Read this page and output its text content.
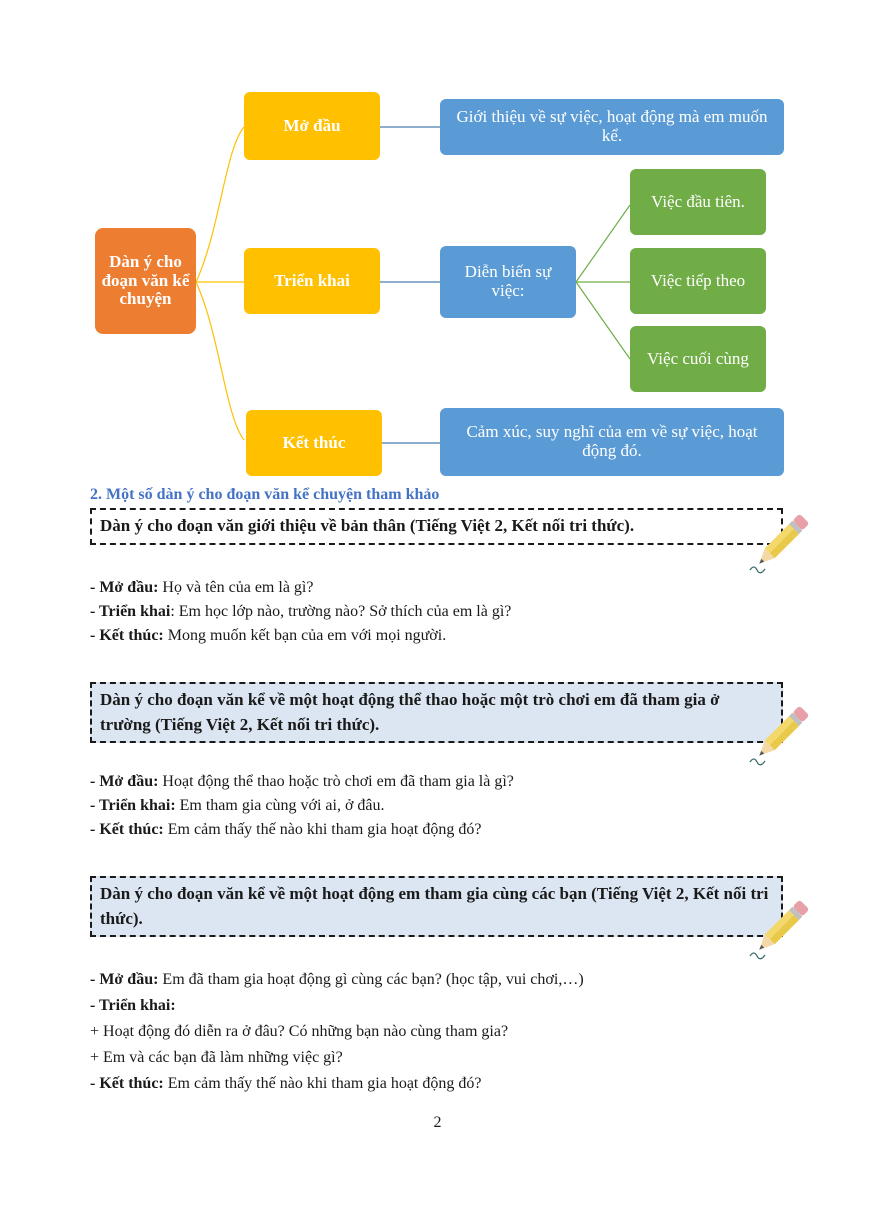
Dàn ý cho đoạn văn kể chuyện
Mở đầu
Triển khai
Kết thúc
Giới thiệu về sự việc, hoạt động mà em muốn kể.
Diễn biến sự việc:
Cảm xúc, suy nghĩ của em về sự việc, hoạt động đó.
Việc đầu tiên.
Việc tiếp theo
Việc cuối cùng
2. Một số dàn ý cho đoạn văn kể chuyện tham khảo
Dàn ý cho đoạn văn giới thiệu về bản thân (Tiếng Việt 2, Kết nối tri thức).
- Mở đầu: Họ và tên của em là gì?
- Triển khai: Em học lớp nào, trường nào? Sở thích của em là gì?
- Kết thúc: Mong muốn kết bạn của em với mọi người.
Dàn ý cho đoạn văn kể về một hoạt động thể thao hoặc một trò chơi em đã tham gia ở trường (Tiếng Việt 2, Kết nối tri thức).
- Mở đầu: Hoạt động thể thao hoặc trò chơi em đã tham gia là gì?
- Triển khai: Em tham gia cùng với ai, ở đâu.
- Kết thúc: Em cảm thấy thế nào khi tham gia hoạt động đó?
Dàn ý cho đoạn văn kể về một hoạt động em tham gia cùng các bạn (Tiếng Việt 2, Kết nối tri thức).
- Mở đầu: Em đã tham gia hoạt động gì cùng các bạn? (học tập, vui chơi,…)
- Triển khai:
+ Hoạt động đó diễn ra ở đâu? Có những bạn nào cùng tham gia?
+ Em và các bạn đã làm những việc gì?
- Kết thúc: Em cảm thấy thế nào khi tham gia hoạt động đó?
2
